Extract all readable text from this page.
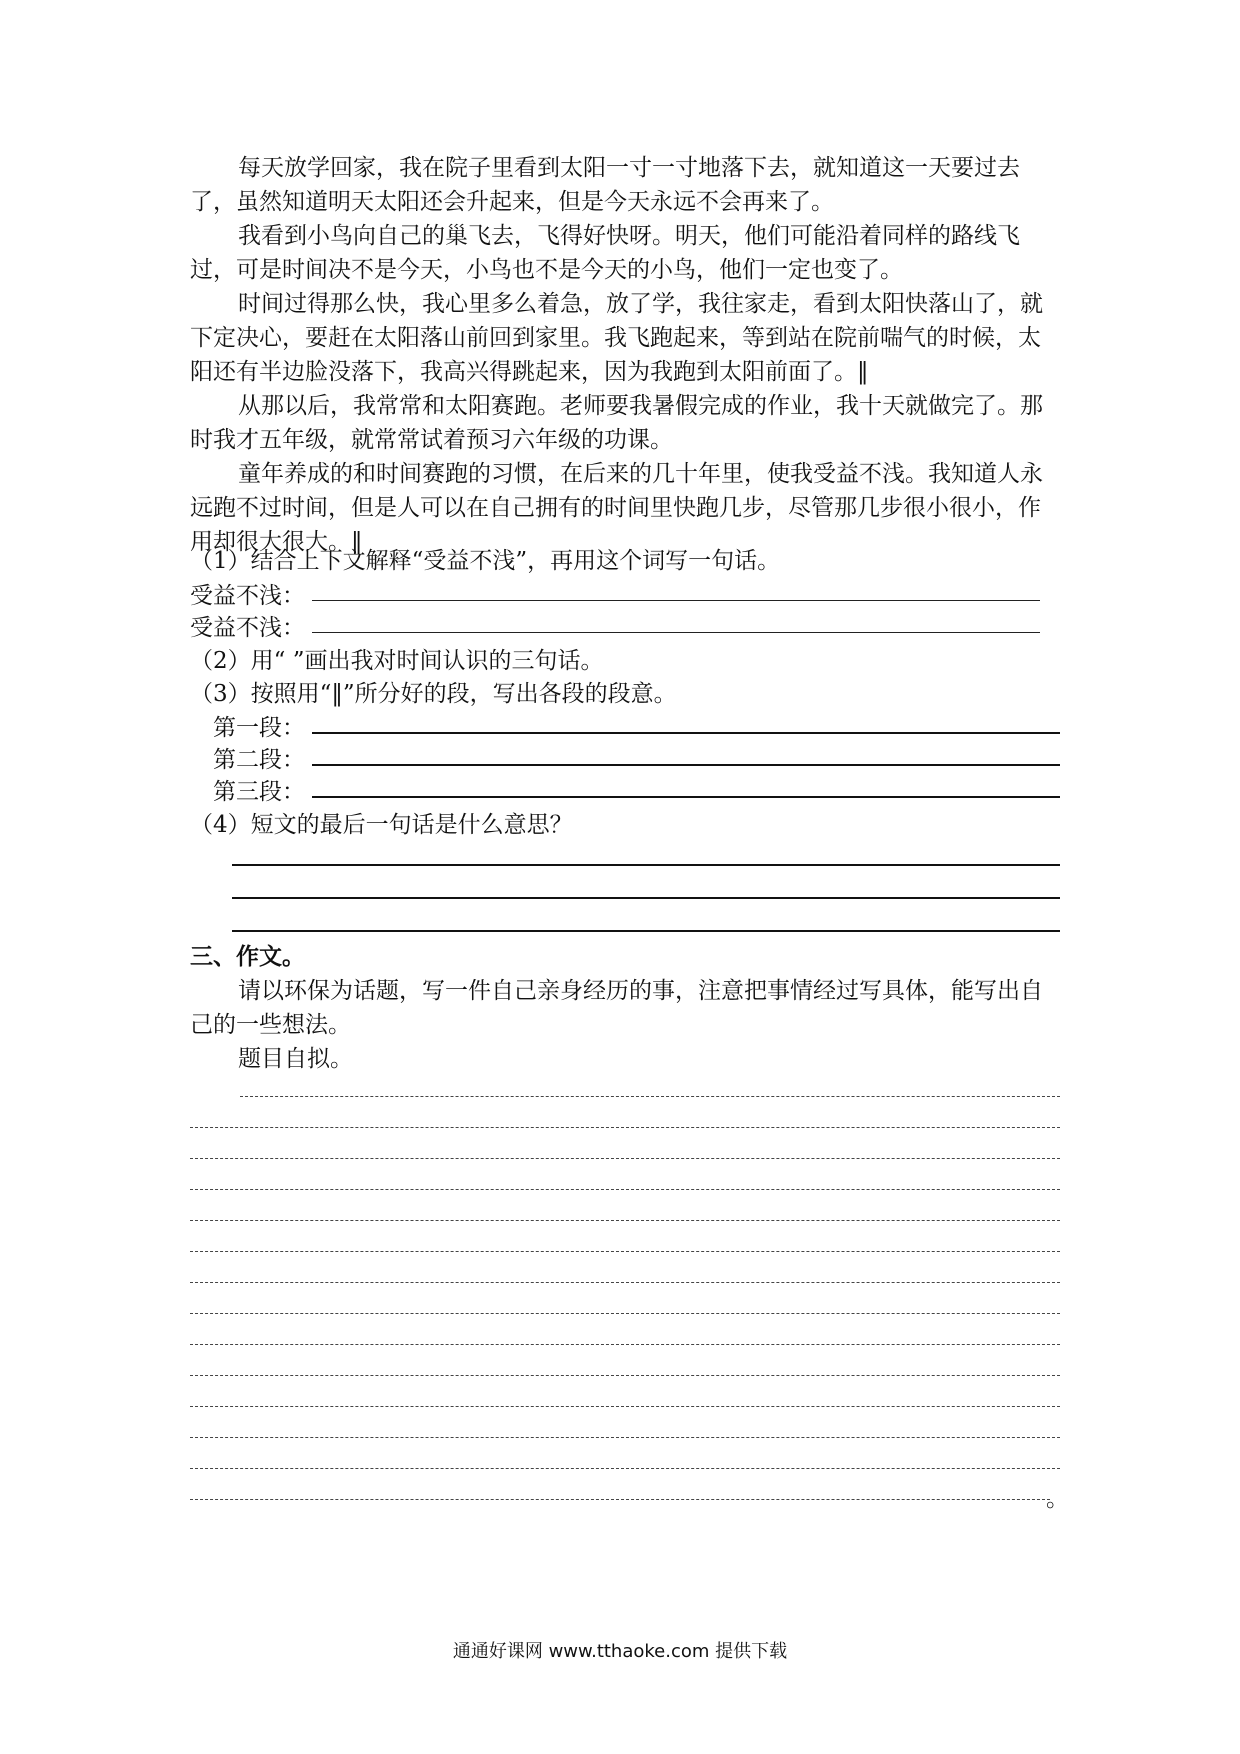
每天放学回家，我在院子里看到太阳一寸一寸地落下去，就知道这一天要过去了，虽然知道明天太阳还会升起来，但是今天永远不会再来了。

我看到小鸟向自己的巢飞去，飞得好快呀。明天，他们可能沿着同样的路线飞过，可是时间决不是今天，小鸟也不是今天的小鸟，他们一定也变了。

时间过得那么快，我心里多么着急，放了学，我往家走，看到太阳快落山了，就下定决心，要赶在太阳落山前回到家里。我飞跑起来，等到站在院前喘气的时候，太阳还有半边脸没落下，我高兴得跳起来，因为我跑到太阳前面了。‖

从那以后，我常常和太阳赛跑。老师要我暑假完成的作业，我十天就做完了。那时我才五年级，就常常试着预习六年级的功课。

童年养成的和时间赛跑的习惯，在后来的几十年里，使我受益不浅。我知道人永远跑不过时间，但是人可以在自己拥有的时间里快跑几步，尽管那几步很小很小，作用却很大很大。‖

（1）结合上下文解释“受益不浅”，再用这个词写一句话。
受益不浅：
受益不浅：
（2）用“ ”画出我对时间认识的三句话。
（3）按照用“‖”所分好的段，写出各段的段意。
第一段：
第二段：
第三段：
（4）短文的最后一句话是什么意思？
三、作文。

请以环保为话题，写一件自己亲身经历的事，注意把事情经过写具体，能写出自己的一些想法。

题目自拟。

。
通通好课网 www.tthaoke.com 提供下载
